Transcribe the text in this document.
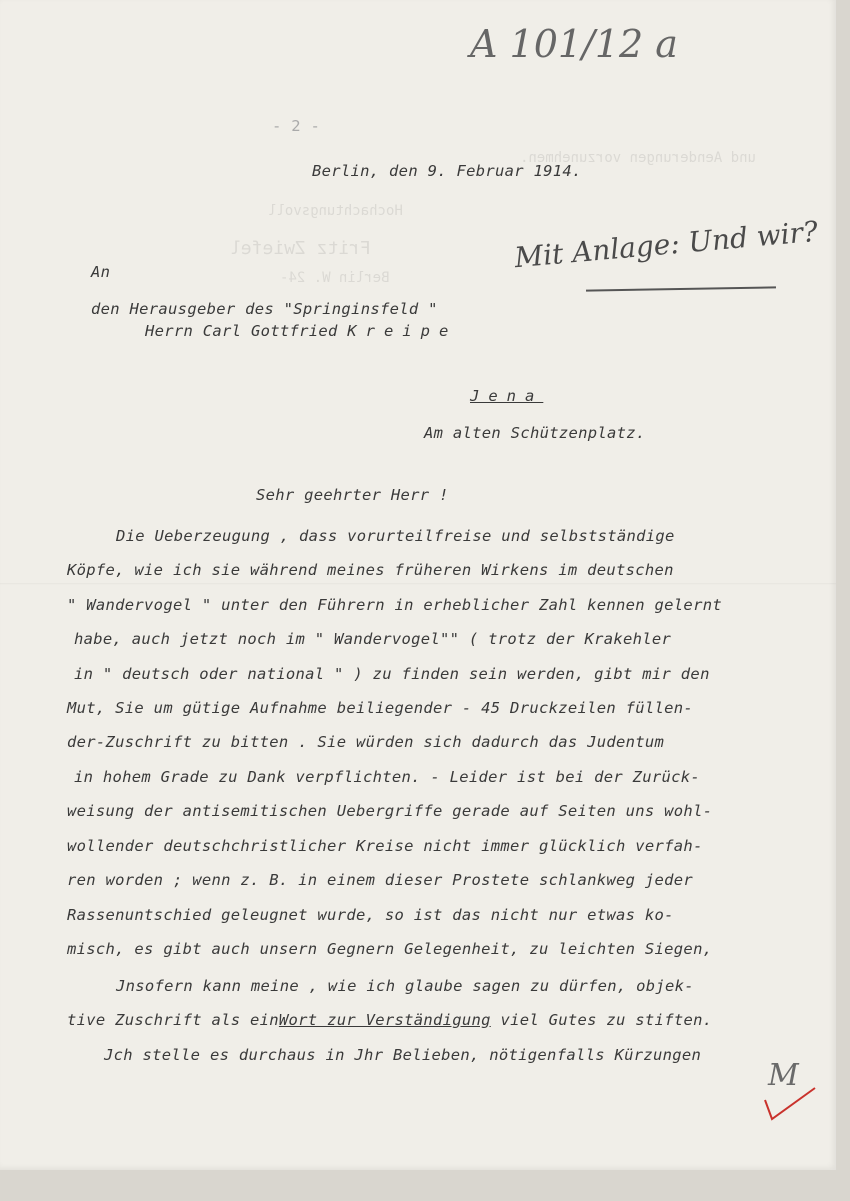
und Aenderungen vorzunehmen.
Hochachtungsvoll
Fritz Zwiefel
Berlin W. 24-
A 101/12 a
- 2 -
Berlin, den 9. Februar 1914.
Mit Anlage: Und wir?
An
den Herausgeber des "Springinsfeld "
Herrn Carl Gottfried Kreipe
Jena
Am alten Schützenplatz.
Sehr geehrter Herr !
Die Ueberzeugung , dass vorurteilfreise und selbstständige
Köpfe, wie ich sie während meines früheren Wirkens im deutschen
" Wandervogel " unter den Führern in erheblicher Zahl kennen gelernt
habe, auch jetzt noch im " Wandervogel"" ( trotz der Krakehler
in " deutsch oder national " ) zu finden sein werden, gibt mir den
Mut, Sie um gütige Aufnahme beiliegender - 45 Druckzeilen füllen-
der-Zuschrift zu bitten . Sie würden sich dadurch das Judentum
in hohem Grade zu Dank verpflichten. - Leider ist bei der Zurück-
weisung der antisemitischen Uebergriffe gerade auf Seiten uns wohl-
wollender deutschchristlicher Kreise nicht immer glücklich verfah-
ren worden ; wenn z. B. in einem dieser Prostete schlankweg jeder
Rassenuntschied geleugnet wurde, so ist das nicht nur etwas ko-
misch, es gibt auch unsern Gegnern Gelegenheit, zu leichten Siegen,
Jnsofern kann meine , wie ich glaube sagen zu dürfen, objek-
tive Zuschrift als einWort zur Verständigung viel Gutes zu stiften.
Jch stelle es durchaus in Jhr Belieben, nötigenfalls Kürzungen
M
